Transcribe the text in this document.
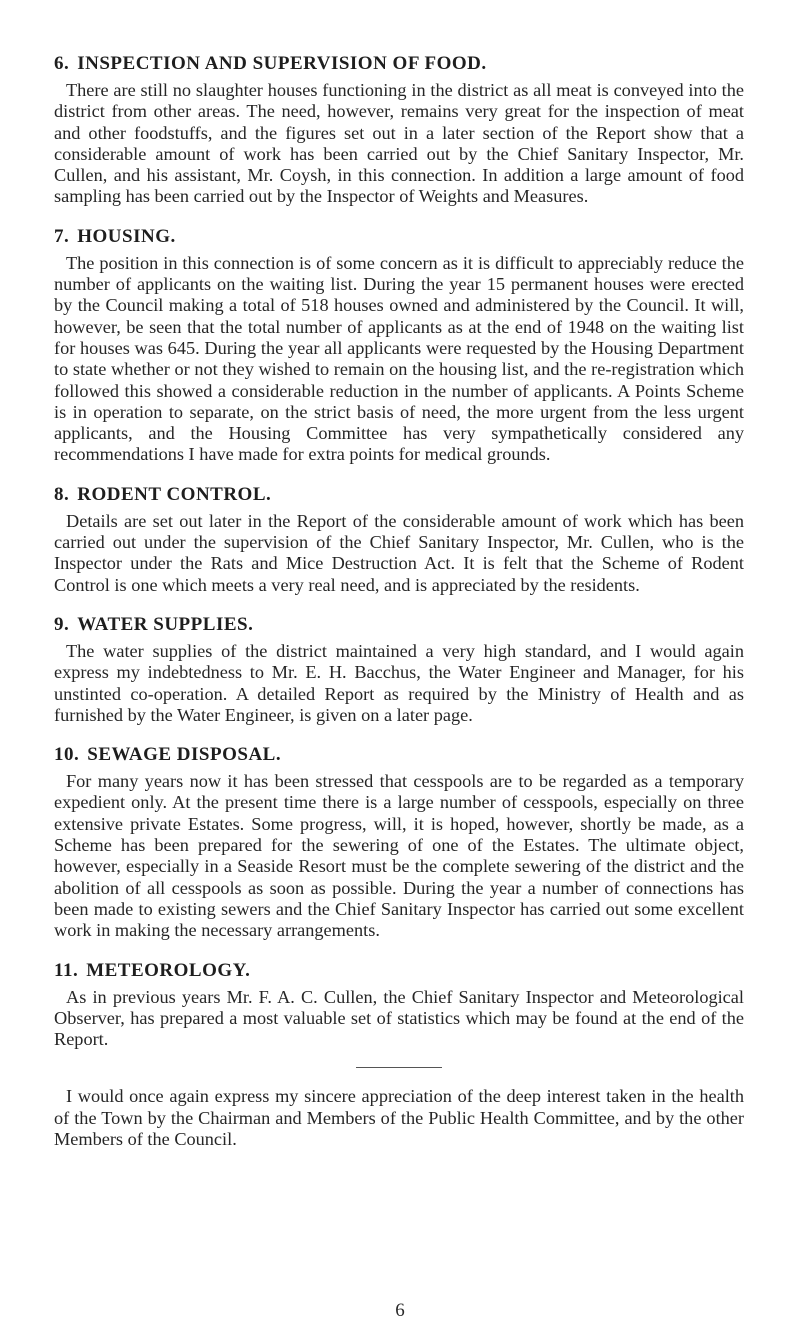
6. INSPECTION AND SUPERVISION OF FOOD.

There are still no slaughter houses functioning in the district as all meat is conveyed into the district from other areas. The need, however, remains very great for the inspection of meat and other foodstuffs, and the figures set out in a later section of the Report show that a considerable amount of work has been carried out by the Chief Sanitary Inspector, Mr. Cullen, and his assistant, Mr. Coysh, in this connection. In addition a large amount of food sampling has been carried out by the Inspector of Weights and Measures.

7. HOUSING.

The position in this connection is of some concern as it is difficult to appreciably reduce the number of applicants on the waiting list. During the year 15 permanent houses were erected by the Council making a total of 518 houses owned and administered by the Council. It will, however, be seen that the total number of applicants as at the end of 1948 on the waiting list for houses was 645. During the year all applicants were requested by the Housing Department to state whether or not they wished to remain on the housing list, and the re-registration which followed this showed a considerable reduction in the number of applicants. A Points Scheme is in operation to separate, on the strict basis of need, the more urgent from the less urgent applicants, and the Housing Committee has very sympathetically considered any recommendations I have made for extra points for medical grounds.

8. RODENT CONTROL.

Details are set out later in the Report of the considerable amount of work which has been carried out under the supervision of the Chief Sanitary Inspector, Mr. Cullen, who is the Inspector under the Rats and Mice Destruction Act. It is felt that the Scheme of Rodent Control is one which meets a very real need, and is appreciated by the residents.

9. WATER SUPPLIES.

The water supplies of the district maintained a very high standard, and I would again express my indebtedness to Mr. E. H. Bacchus, the Water Engineer and Manager, for his unstinted co-operation. A detailed Report as required by the Ministry of Health and as furnished by the Water Engineer, is given on a later page.

10. SEWAGE DISPOSAL.

For many years now it has been stressed that cesspools are to be regarded as a temporary expedient only. At the present time there is a large number of cesspools, especially on three extensive private Estates. Some progress, will, it is hoped, however, shortly be made, as a Scheme has been prepared for the sewering of one of the Estates. The ultimate object, however, especially in a Seaside Resort must be the complete sewering of the district and the abolition of all cesspools as soon as possible. During the year a number of connections has been made to existing sewers and the Chief Sanitary Inspector has carried out some excellent work in making the necessary arrangements.

11. METEOROLOGY.

As in previous years Mr. F. A. C. Cullen, the Chief Sanitary Inspector and Meteorological Observer, has prepared a most valuable set of statistics which may be found at the end of the Report.

I would once again express my sincere appreciation of the deep interest taken in the health of the Town by the Chairman and Members of the Public Health Committee, and by the other Members of the Council.

6
